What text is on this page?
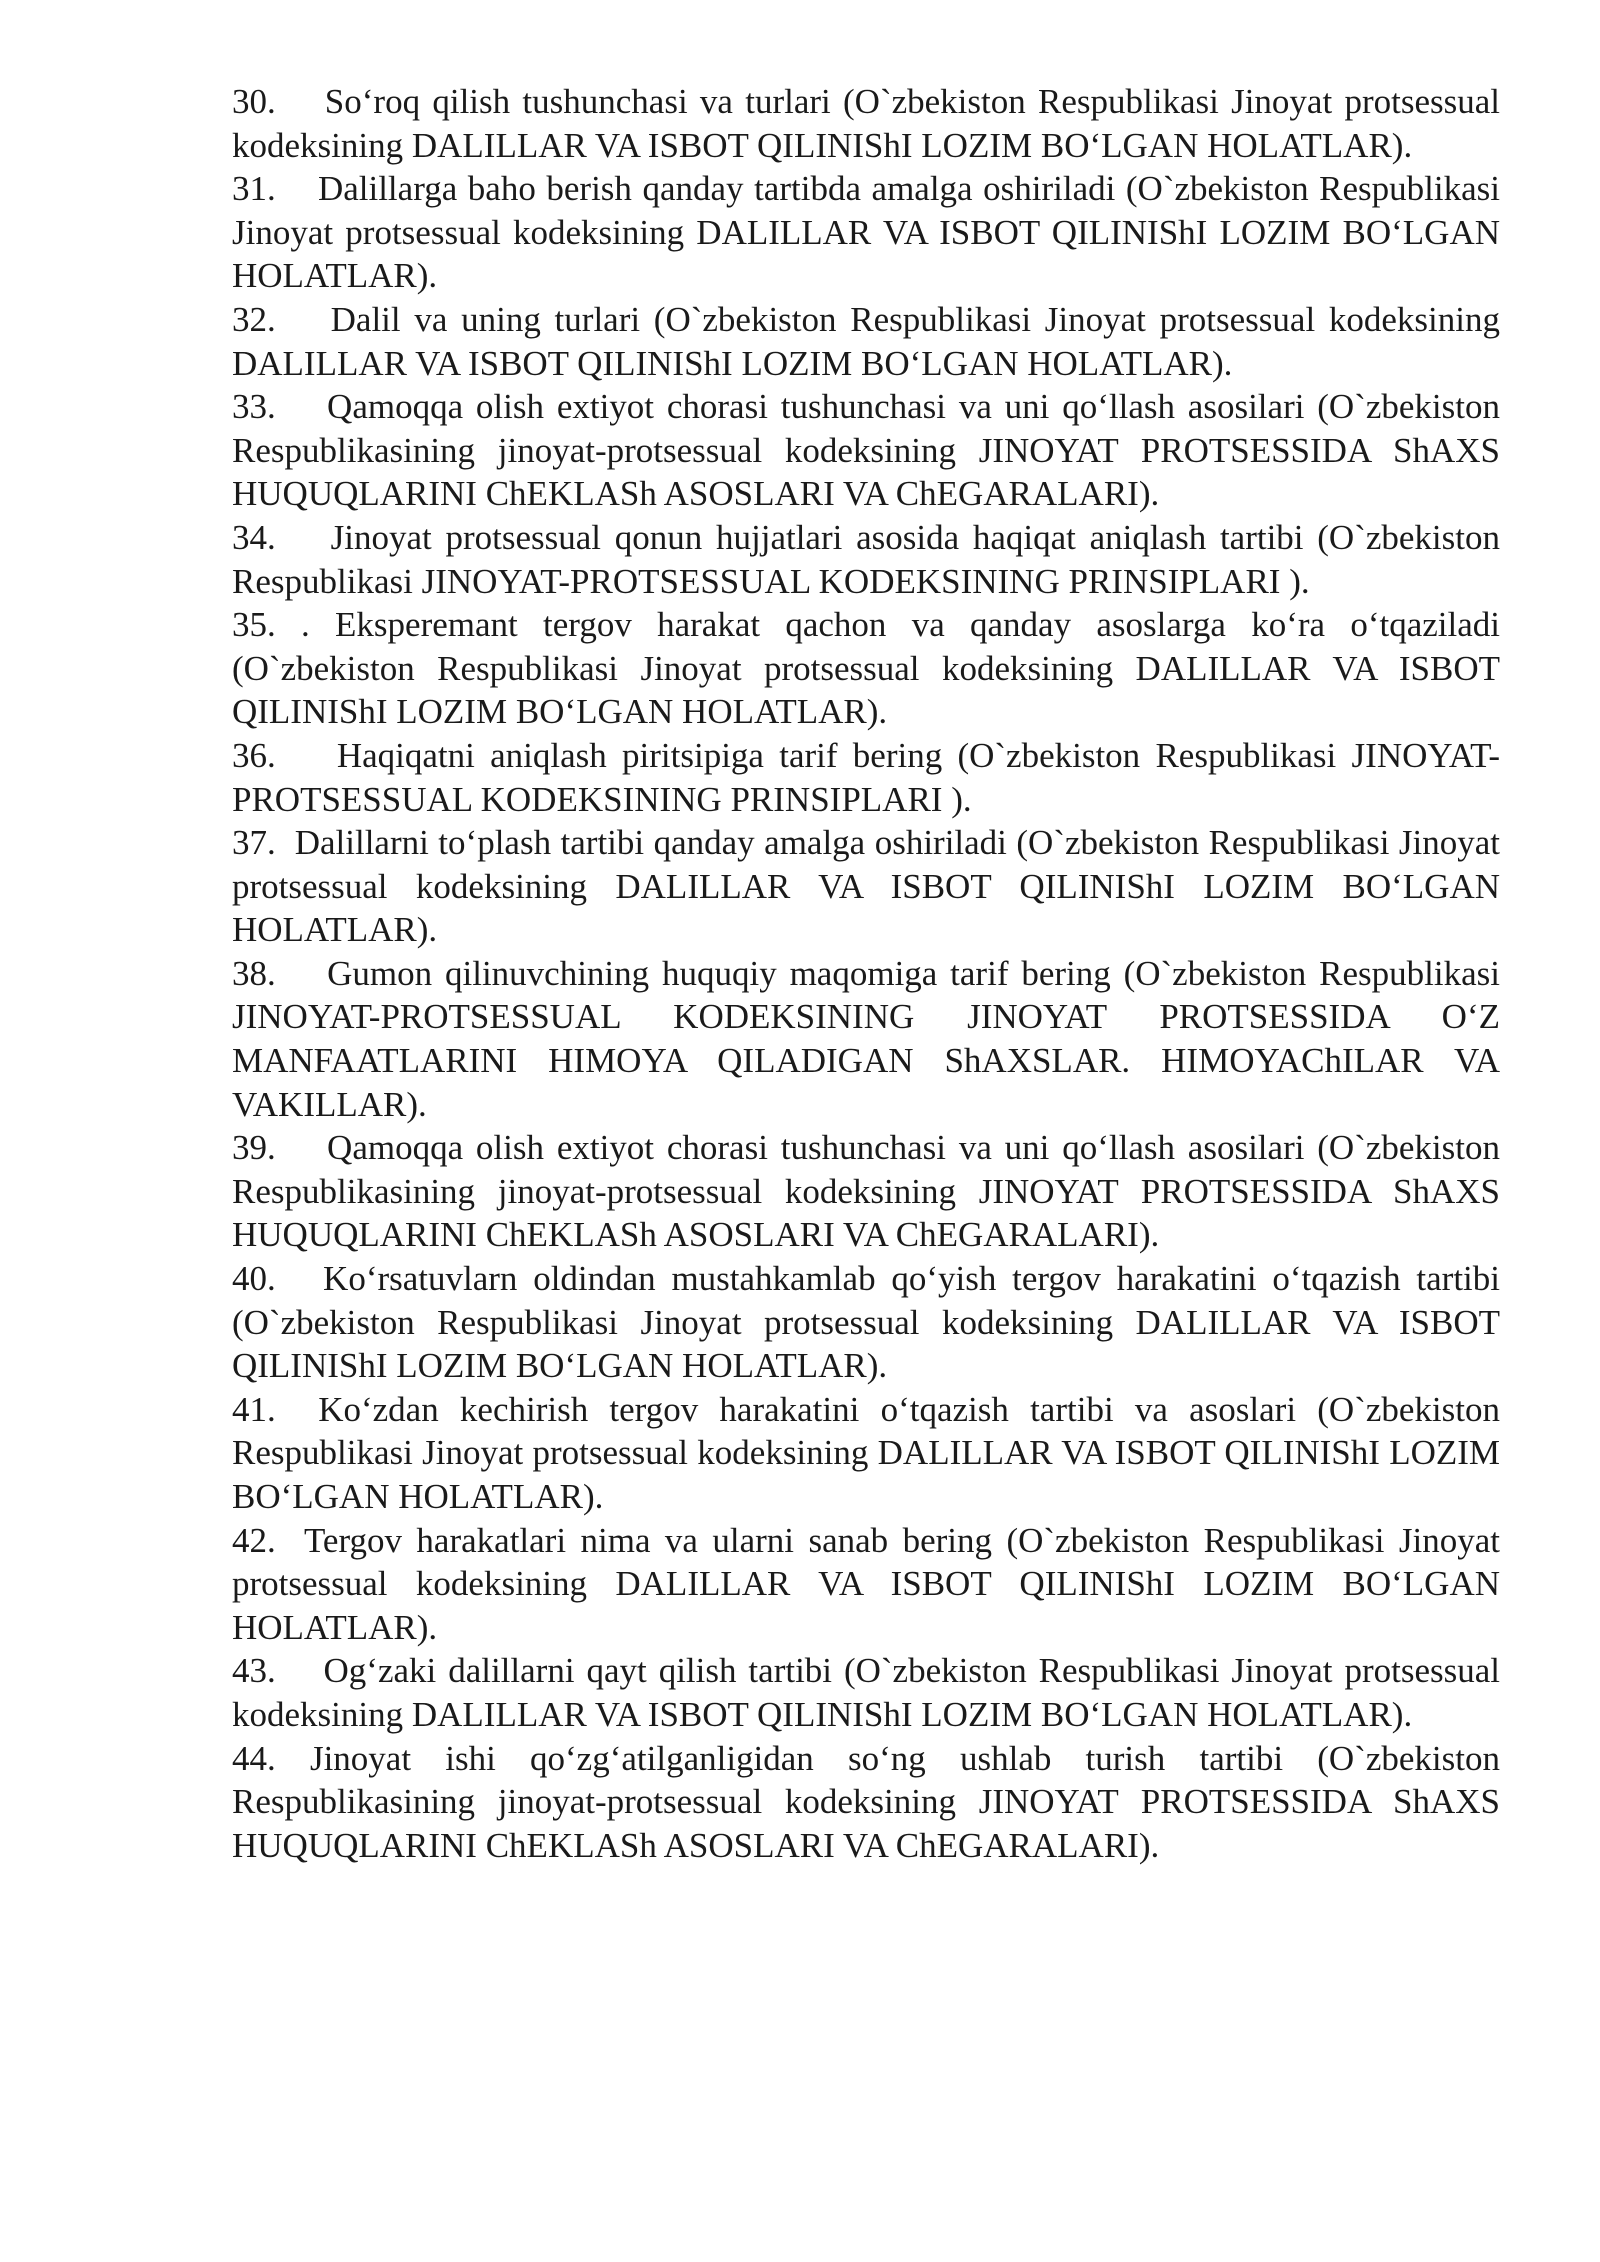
30.    So‘roq qilish tushunchasi va turlari (O`zbekiston Respublikasi Jinoyat protsessual kodeksining DALILLAR VA ISBOT QILINIShI LOZIM BO‘LGAN HOLATLAR).

31.    Dalillarga baho berish qanday tartibda amalga oshiriladi (O`zbekiston Respublikasi Jinoyat protsessual kodeksining DALILLAR VA ISBOT QILINIShI LOZIM BO‘LGAN HOLATLAR).

32.    Dalil va uning turlari (O`zbekiston Respublikasi Jinoyat protsessual kodeksining DALILLAR VA ISBOT QILINIShI LOZIM BO‘LGAN HOLATLAR).

33.    Qamoqqa olish extiyot chorasi tushunchasi va uni qo‘llash asosilari (O`zbekiston Respublikasining jinoyat-protsessual kodeksining JINOYAT PROTSESSIDA ShAXS HUQUQLARINI ChEKLASh ASOSLARI VA ChEGARALARI).

34.    Jinoyat protsessual qonun hujjatlari asosida haqiqat aniqlash tartibi (O`zbekiston Respublikasi JINOYAT-PROTSESSUAL KODEKSINING PRINSIPLARI ).

35. . Eksperemant tergov harakat qachon va qanday asoslarga ko‘ra o‘tqaziladi (O`zbekiston Respublikasi Jinoyat protsessual kodeksining DALILLAR VA ISBOT QILINIShI LOZIM BO‘LGAN HOLATLAR).

36.    Haqiqatni aniqlash piritsipiga tarif bering (O`zbekiston Respublikasi JINOYAT-PROTSESSUAL KODEKSINING PRINSIPLARI ).

37.  Dalillarni to‘plash tartibi qanday amalga oshiriladi (O`zbekiston Respublikasi Jinoyat protsessual kodeksining DALILLAR VA ISBOT QILINIShI LOZIM BO‘LGAN HOLATLAR).

38.    Gumon qilinuvchining huquqiy maqomiga tarif bering (O`zbekiston Respublikasi JINOYAT-PROTSESSUAL KODEKSINING JINOYAT PROTSESSIDA O‘Z MANFAATLARINI HIMOYA QILADIGAN ShAXSLAR. HIMOYAChILAR VA VAKILLAR).

39.    Qamoqqa olish extiyot chorasi tushunchasi va uni qo‘llash asosilari (O`zbekiston Respublikasining jinoyat-protsessual kodeksining JINOYAT PROTSESSIDA ShAXS HUQUQLARINI ChEKLASh ASOSLARI VA ChEGARALARI).

40.   Ko‘rsatuvlarn oldindan mustahkamlab qo‘yish tergov harakatini o‘tqazish tartibi (O`zbekiston Respublikasi Jinoyat protsessual kodeksining DALILLAR VA ISBOT QILINIShI LOZIM BO‘LGAN HOLATLAR).

41.  Ko‘zdan kechirish tergov harakatini o‘tqazish tartibi va asoslari (O`zbekiston Respublikasi Jinoyat protsessual kodeksining DALILLAR VA ISBOT QILINIShI LOZIM BO‘LGAN HOLATLAR).

42.  Tergov harakatlari nima va ularni sanab bering (O`zbekiston Respublikasi Jinoyat protsessual kodeksining DALILLAR VA ISBOT QILINIShI LOZIM BO‘LGAN HOLATLAR).

43.    Og‘zaki dalillarni qayt qilish tartibi (O`zbekiston Respublikasi Jinoyat protsessual kodeksining DALILLAR VA ISBOT QILINIShI LOZIM BO‘LGAN HOLATLAR).

44. Jinoyat ishi qo‘zg‘atilganligidan so‘ng ushlab turish tartibi (O`zbekiston Respublikasining jinoyat-protsessual kodeksining JINOYAT PROTSESSIDA ShAXS HUQUQLARINI ChEKLASh ASOSLARI VA ChEGARALARI).
